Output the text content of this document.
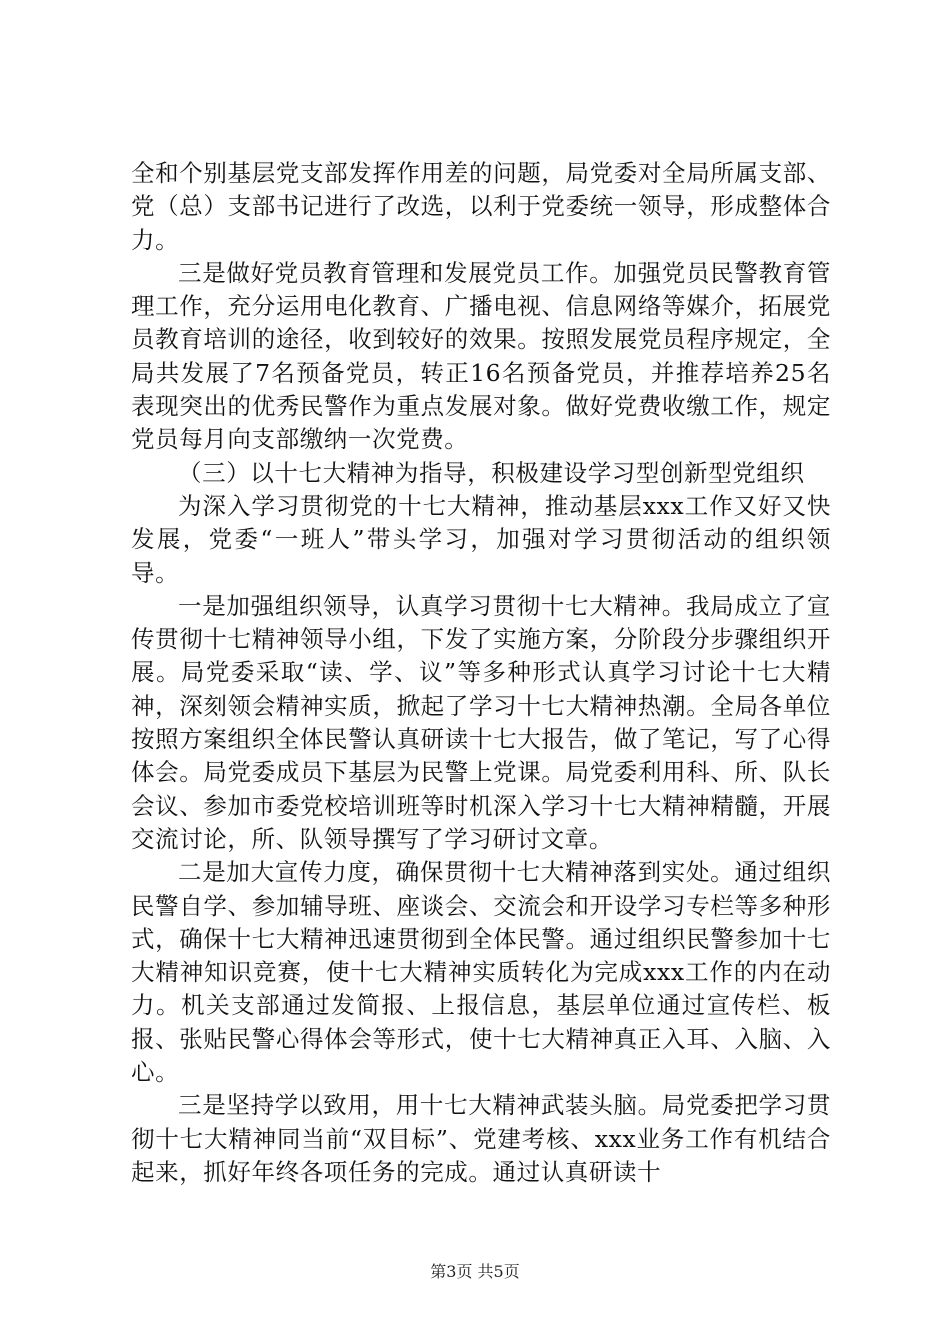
全和个别基层党支部发挥作用差的问题，局党委对全局所属支部、党（总）支部书记进行了改选，以利于党委统一领导，形成整体合力。

三是做好党员教育管理和发展党员工作。加强党员民警教育管理工作，充分运用电化教育、广播电视、信息网络等媒介，拓展党员教育培训的途径，收到较好的效果。按照发展党员程序规定，全局共发展了7名预备党员，转正16名预备党员，并推荐培养25名表现突出的优秀民警作为重点发展对象。做好党费收缴工作，规定党员每月向支部缴纳一次党费。

（三）以十七大精神为指导，积极建设学习型创新型党组织

为深入学习贯彻党的十七大精神，推动基层xxx工作又好又快发展，党委“一班人”带头学习，加强对学习贯彻活动的组织领导。

一是加强组织领导，认真学习贯彻十七大精神。我局成立了宣传贯彻十七精神领导小组，下发了实施方案，分阶段分步骤组织开展。局党委采取“读、学、议”等多种形式认真学习讨论十七大精神，深刻领会精神实质，掀起了学习十七大精神热潮。全局各单位按照方案组织全体民警认真研读十七大报告，做了笔记，写了心得体会。局党委成员下基层为民警上党课。局党委利用科、所、队长会议、参加市委党校培训班等时机深入学习十七大精神精髓，开展交流讨论，所、队领导撰写了学习研讨文章。

二是加大宣传力度，确保贯彻十七大精神落到实处。通过组织民警自学、参加辅导班、座谈会、交流会和开设学习专栏等多种形式，确保十七大精神迅速贯彻到全体民警。通过组织民警参加十七大精神知识竞赛，使十七大精神实质转化为完成xxx工作的内在动力。机关支部通过发简报、上报信息，基层单位通过宣传栏、板报、张贴民警心得体会等形式，使十七大精神真正入耳、入脑、入心。

三是坚持学以致用，用十七大精神武装头脑。局党委把学习贯彻十七大精神同当前“双目标”、党建考核、xxx业务工作有机结合起来，抓好年终各项任务的完成。通过认真研读十

第3页 共5页
